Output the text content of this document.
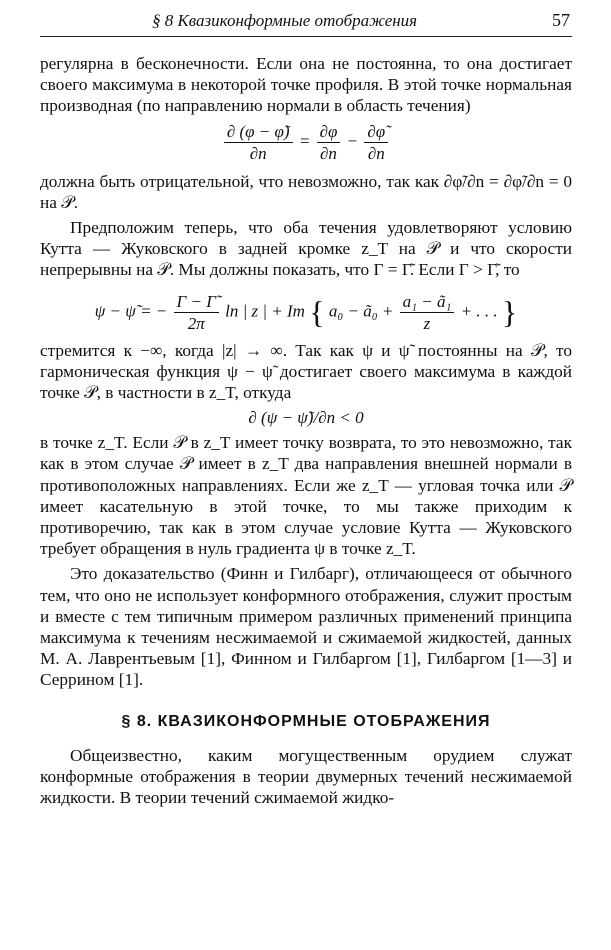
§ 8 Квазиконформные отображения	57

регулярна в бесконечности. Если она не постоянна, то она достигает своего максимума в некоторой точке профиля. В этой точке нормальная производная (по направлению нормали в область течения)

$\frac{\partial (\varphi - \varphĩ)}{\partial n} = \frac{\partial\varphi}{\partial n} - \frac{\partial\varphĩ}{\partial n}$

должна быть отрицательной, что невозможно, так как ∂φ̃/∂n = ∂φ̃/∂n = 0 на 𝒫.

Предположим теперь, что оба течения удовлетворяют условию Кутта — Жуковского в задней кромке z_T на 𝒫 и что скорости непрерывны на 𝒫. Мы должны показать, что Γ = Γ̃. Если Γ > Γ̃, то

ψ − ψ̃ = − $\frac{\Gamma - \Gammã}{2\pi}$ ln | z | + Im { a₀ − ã₀ + $\frac{\text{a₁ − ã₁}}{z}$ + . . . }

стремится к −∞, когда |z| → ∞. Так как ψ и ψ̃ постоянны на 𝒫, то гармоническая функция ψ − ψ̃ достигает своего максимума в каждой точке 𝒫, в частности в z_T, откуда

∂ (ψ − ψ̃)/∂n < 0

в точке z_T. Если 𝒫 в z_T имеет точку возврата, то это невозможно, так как в этом случае 𝒫 имеет в z_T два направления внешней нормали в противоположных направлениях. Если же z_T — угловая точка или 𝒫 имеет касательную в этой точке, то мы также приходим к противоречию, так как в этом случае условие Кутта — Жуковского требует обращения в нуль градиента ψ в точке z_T.

Это доказательство (Финн и Гилбарг), отличающееся от обычного тем, что оно не использует конформного отображения, служит простым и вместе с тем типичным примером различных применений принципа максимума к течениям несжимаемой и сжимаемой жидкостей, данных М. А. Лаврентьевым [1], Финном и Гилбаргом [1], Гилбаргом [1—3] и Серрином [1].

§ 8. КВАЗИКОНФОРМНЫЕ ОТОБРАЖЕНИЯ

Общеизвестно, каким могущественным орудием служат конформные отображения в теории двумерных течений несжимаемой жидкости. В теории течений сжимаемой жидко-
